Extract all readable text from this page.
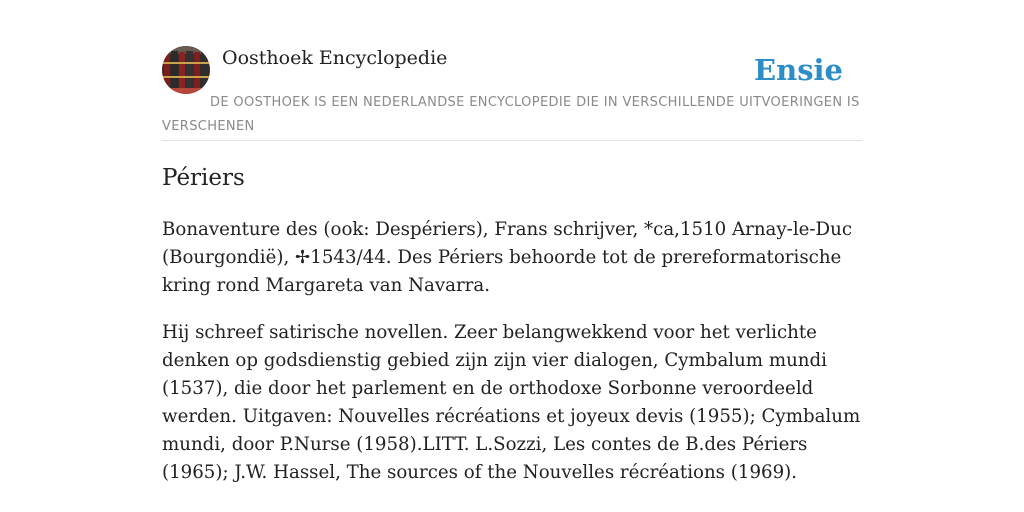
Oosthoek Encyclopedie	Ensie
DE OOSTHOEK IS EEN NEDERLANDSE ENCYCLOPEDIE DIE IN VERSCHILLENDE UITVOERINGEN IS VERSCHENEN
Périers

Bonaventure des (ook: Despériers), Frans schrijver, *ca,1510 Arnay-le-Duc (Bourgondië), ✢1543/44. Des Périers behoorde tot de prereformatorische kring rond Margareta van Navarra.

Hij schreef satirische novellen. Zeer belangwekkend voor het verlichte denken op godsdienstig gebied zijn zijn vier dialogen, Cymbalum mundi (1537), die door het parlement en de orthodoxe Sorbonne veroordeeld werden. Uitgaven: Nouvelles récréations et joyeux devis (1955); Cymbalum mundi, door P.Nurse (1958).LITT. L.Sozzi, Les contes de B.des Périers (1965); J.W. Hassel, The sources of the Nouvelles récréations (1969).
